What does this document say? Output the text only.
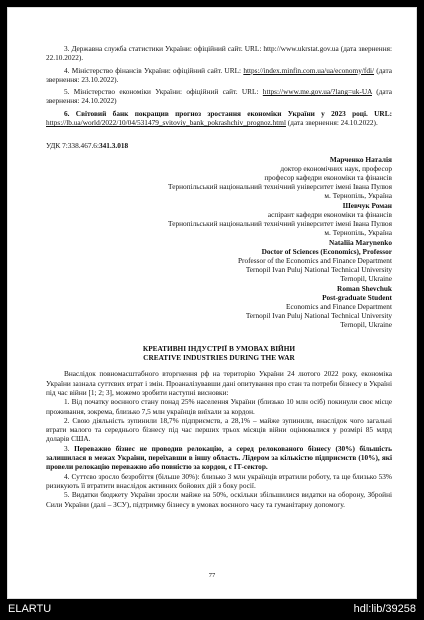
3. Державна служба статистики України: офіційний сайт. URL: http://www.ukrstat.gov.ua (дата звернення: 22.10.2022).

4. Міністерство фінансів України: офіційний сайт. URL: https://index.minfin.com.ua/ua/economy/fdi/ (дата звернення: 23.10.2022).

5. Міністерство економіки України: офіційний сайт. URL: https://www.me.gov.ua/?lang=uk-UA (дата звернення: 24.10.2022)

6. Світовий банк покращив прогноз зростання економіки України у 2023 році. URL: https://lb.ua/world/2022/10/04/531479_svitoviy_bank_pokrashchiv_prognoz.html (дата звернення: 24.10.2022).

УДК 7:338.467.6:341.3.018
Марченко Наталія
доктор економічних наук, професор
професор кафедри економіки та фінансів
Тернопільський національний технічний університет імені Івана Пулюя
м. Тернопіль, Україна
Шевчук Роман
аспірант кафедри економіки та фінансів
Тернопільський національний технічний університет імені Івана Пулюя
м. Тернопіль, Україна
Nataliia Marynenko
Doctor of Sciences (Economics), Professor
Professor of the Economics and Finance Department
Ternopil Ivan Puluj National Technical University
Ternopil, Ukraine
Roman Shevchuk
Post-graduate Student
Economics and Finance Department
Ternopil Ivan Puluj National Technical University
Ternopil, Ukraine
КРЕАТИВНІ ІНДУСТРІЇ В УМОВАХ ВІЙНИ
CREATIVE INDUSTRIES DURING THE WAR

Внаслідок повномасштабного вторгнення рф на територію України 24 лютого 2022 року, економіка України зазнала суттєвих втрат і змін. Проаналізувавши дані опитування про стан та потреби бізнесу в Україні під час війни [1; 2; 3], можемо зробити наступні висновки:

1. Від початку воєнного стану понад 25% населення України (близько 10 млн осіб) покинули своє місце проживання, зокрема, близько 7,5 млн українців виїхали за кордон.

2. Свою діяльність зупинили 18,7% підприємств, а 28,1% – майже зупинили, внаслідок чого загальні втрати малого та середнього бізнесу під час перших трьох місяців війни оцінювалися у розмірі 85 млрд доларів США.

3. Переважно бізнес не проводив релокацію, а серед релокованого бізнесу (30%) більшість залишилася в межах України, переїхавши в іншу область. Лідером за кількістю підприємств (10%), які провели релокацію переважно або повністю за кордон, є ІТ-сектор.

4. Суттєво зросло безробіття (більше 30%): близько 3 млн українців втратили роботу, та ще близько 53% ризикують її втратити внаслідок активних бойових дій з боку росії.

5. Видатки бюджету України зросли майже на 50%, оскільки збільшилися видатки на оборону, Збройні Сили України (далі – ЗСУ), підтримку бізнесу в умовах воєнного часу та гуманітарну допомогу.

77
ELARTU	hdl:lib/39258
